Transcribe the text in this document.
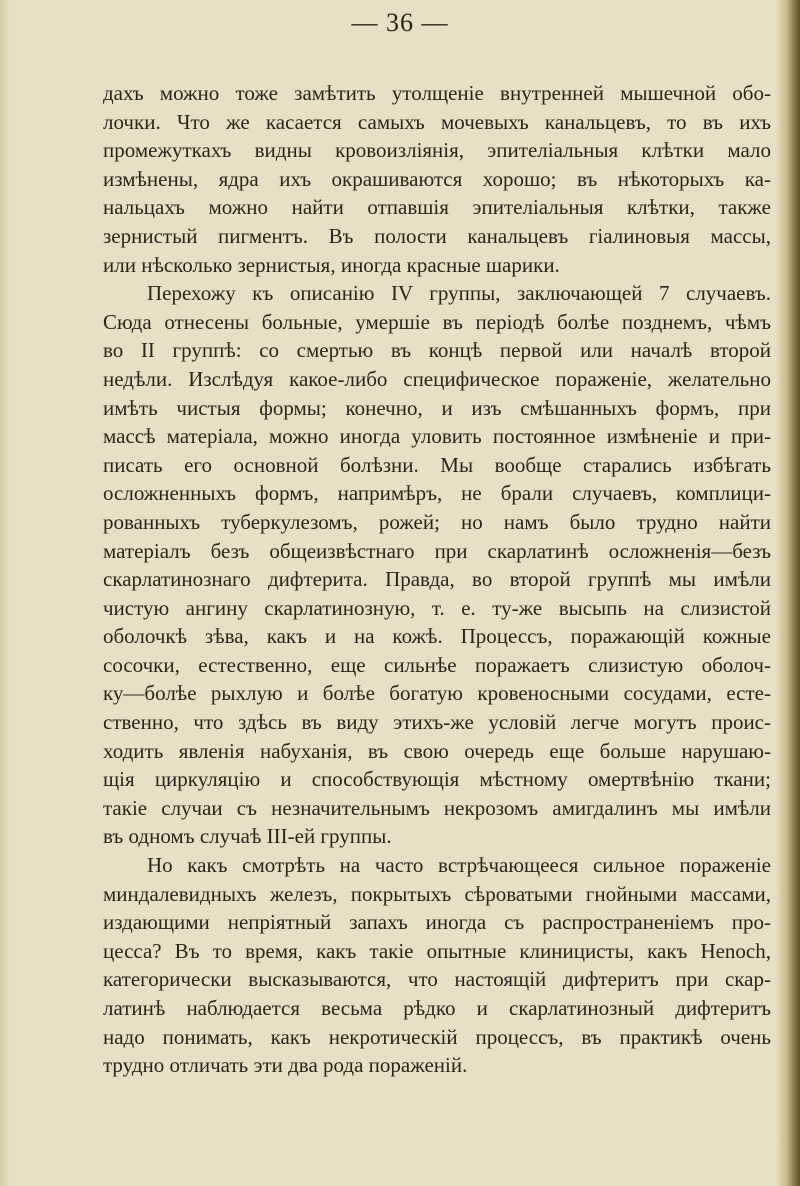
— 36 —
дахъ можно тоже замѣтить утолщеніе внутренней мышечной обо-
лочки. Что же касается самыхъ мочевыхъ канальцевъ, то въ ихъ
промежуткахъ видны кровоизліянія, эпителіальныя клѣтки мало
измѣнены, ядра ихъ окрашиваются хорошо; въ нѣкоторыхъ ка-
нальцахъ можно найти отпавшія эпителіальныя клѣтки, также
зернистый пигментъ. Въ полости канальцевъ гіалиновыя массы,
или нѣсколько зернистыя, иногда красные шарики.
Перехожу къ описанію IV группы, заключающей 7 случаевъ.
Сюда отнесены больные, умершіе въ періодѣ болѣе позднемъ, чѣмъ
во II группѣ: со смертью въ концѣ первой или началѣ второй
недѣли. Изслѣдуя какое-либо специфическое пораженіе, желательно
имѣть чистыя формы; конечно, и изъ смѣшанныхъ формъ, при
массѣ матеріала, можно иногда уловить постоянное измѣненіе и при-
писать его основной болѣзни. Мы вообще старались избѣгать
осложненныхъ формъ, напримѣръ, не брали случаевъ, комплици-
рованныхъ туберкулезомъ, рожей; но намъ было трудно найти
матеріалъ безъ общеизвѣстнаго при скарлатинѣ осложненія—безъ
скарлатинознаго дифтерита. Правда, во второй группѣ мы имѣли
чистую ангину скарлатинозную, т. е. ту-же высыпь на слизистой
оболочкѣ зѣва, какъ и на кожѣ. Процессъ, поражающій кожные
сосочки, естественно, еще сильнѣе поражаетъ слизистую оболоч-
ку—болѣе рыхлую и болѣе богатую кровеносными сосудами, есте-
ственно, что здѣсь въ виду этихъ-же условій легче могутъ проис-
ходить явленія набуханія, въ свою очередь еще больше нарушаю-
щія циркуляцію и способствующія мѣстному омертвѣнію ткани;
такіе случаи съ незначительнымъ некрозомъ амигдалинъ мы имѣли
въ одномъ случаѣ III-ей группы.
Но какъ смотрѣть на часто встрѣчающееся сильное пораженіе
миндалевидныхъ железъ, покрытыхъ сѣроватыми гнойными массами,
издающими непріятный запахъ иногда съ распространеніемъ про-
цесса? Въ то время, какъ такіе опытные клиницисты, какъ Henoch,
категорически высказываются, что настоящій дифтеритъ при скар-
латинѣ наблюдается весьма рѣдко и скарлатинозный дифтеритъ
надо понимать, какъ некротическій процессъ, въ практикѣ очень
трудно отличать эти два рода пораженій.
